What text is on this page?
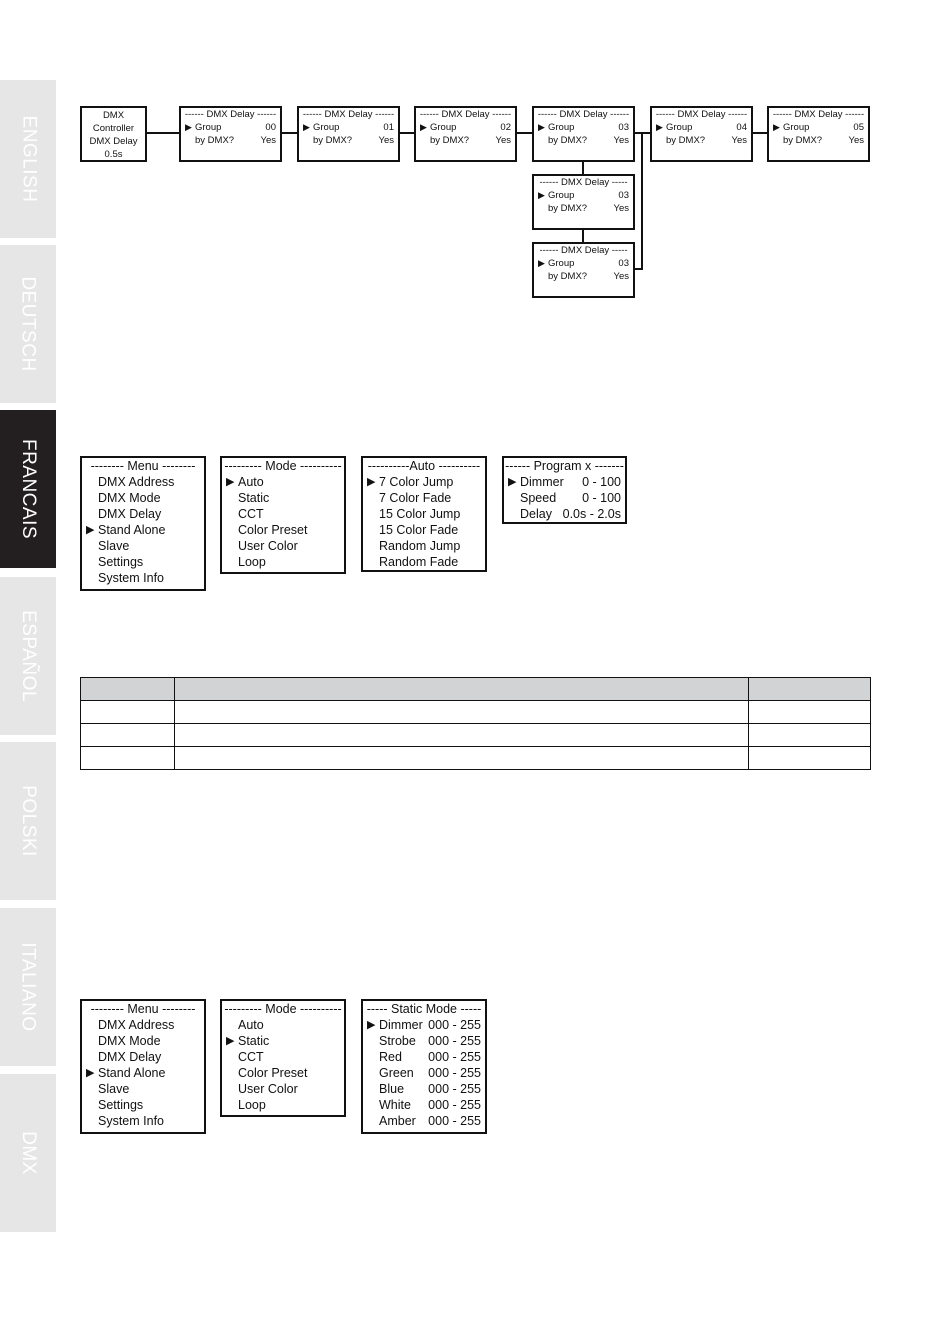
ENGLISH
DEUTSCH
FRANCAIS
ESPAÑOL
POLSKI
ITALIANO
DMX
DMX
Controller
DMX Delay
0.5s
------ DMX Delay ------
▶ Group	00
by DMX?	Yes
------ DMX Delay ------
▶ Group	01
by DMX?	Yes
------ DMX Delay ------
▶ Group	02
by DMX?	Yes
------ DMX Delay ------
▶ Group	03
by DMX?	Yes
------ DMX Delay ------
▶ Group	04
by DMX?	Yes
------ DMX Delay ------
▶ Group	05
by DMX?	Yes
------ DMX Delay -----
▶ Group	03
by DMX?	Yes
------ DMX Delay -----
▶ Group	03
by DMX?	Yes
-------- Menu --------
DMX Address
DMX Mode
DMX Delay
▶ Stand Alone
Slave
Settings
System Info
--------- Mode ----------
▶ Auto
Static
CCT
Color Preset
User Color
Loop
----------Auto ----------
▶ 7 Color Jump
7 Color Fade
15 Color Jump
15 Color Fade
Random Jump
Random Fade
------ Program x -------
▶ Dimmer 0 - 100
Speed 0 - 100
Delay 0.0s - 2.0s

-------- Menu --------
DMX Address
DMX Mode
DMX Delay
▶ Stand Alone
Slave
Settings
System Info
--------- Mode ----------
Auto
▶ Static
CCT
Color Preset
User Color
Loop
----- Static Mode -----
▶ Dimmer 000 - 255
Strobe 000 - 255
Red 000 - 255
Green 000 - 255
Blue 000 - 255
White 000 - 255
Amber 000 - 255
